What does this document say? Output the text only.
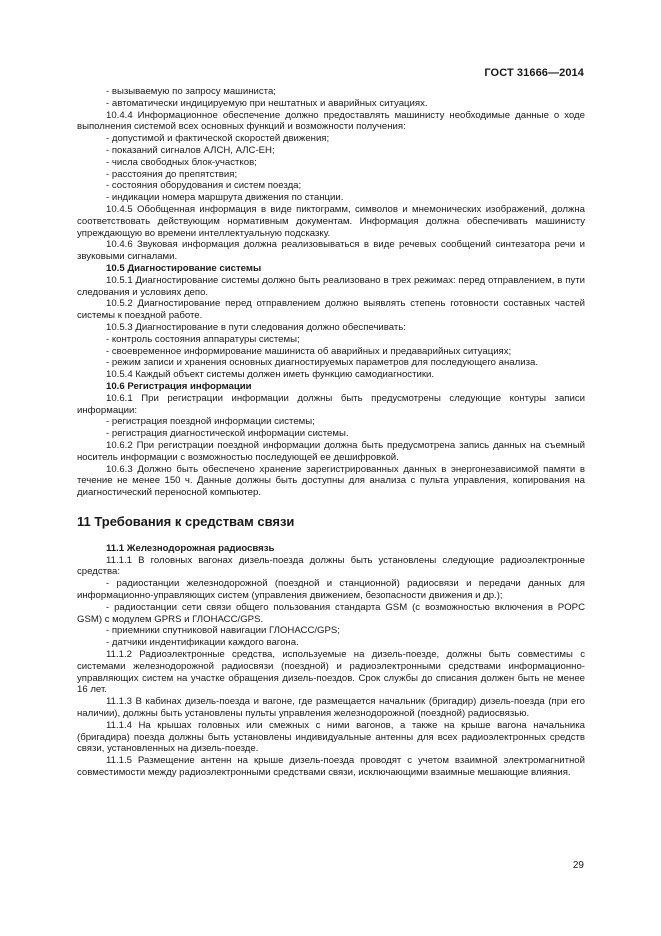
ГОСТ 31666—2014

- вызываемую по запросу машиниста;

- автоматически индицируемую при нештатных и аварийных ситуациях.

10.4.4 Информационное обеспечение должно предоставлять машинисту необходимые данные о ходе выполнения системой всех основных функций и возможности получения:

- допустимой и фактической скоростей движения;

- показаний сигналов АЛСН, АЛС-ЕН;

- числа свободных блок-участков;

- расстояния до препятствия;

- состояния оборудования и систем поезда;

- индикации номера маршрута движения по станции.

10.4.5 Обобщенная информация в виде пиктограмм, символов и мнемонических изображений, должна соответствовать действующим нормативным документам. Информация должна обеспечивать машинисту упреждающую во времени интеллектуальную подсказку.

10.4.6 Звуковая информация должна реализовываться в виде речевых сообщений синтезатора речи и звуковыми сигналами.

10.5 Диагностирование системы

10.5.1 Диагностирование системы должно быть реализовано в трех режимах: перед отправлением, в пути следования и условиях депо.

10.5.2 Диагностирование перед отправлением должно выявлять степень готовности составных частей системы к поездной работе.

10.5.3 Диагностирование в пути следования должно обеспечивать:

- контроль состояния аппаратуры системы;

- своевременное информирование машиниста об аварийных и предаварийных ситуациях;

- режим записи и хранения основных диагностируемых параметров для последующего анализа.

10.5.4 Каждый объект системы должен иметь функцию самодиагностики.

10.6 Регистрация информации

10.6.1 При регистрации информации должны быть предусмотрены следующие контуры записи информации:

- регистрация поездной информации системы;

- регистрация диагностической информации системы.

10.6.2 При регистрации поездной информации должна быть предусмотрена запись данных на съемный носитель информации с возможностью последующей ее дешифровкой.

10.6.3 Должно быть обеспечено хранение зарегистрированных данных в энергонезависимой памяти в течение не менее 150 ч. Данные должны быть доступны для анализа с пульта управления, копирования на диагностический переносной компьютер.

11 Требования к средствам связи

11.1 Железнодорожная радиосвязь

11.1.1 В головных вагонах дизель-поезда должны быть установлены следующие радиоэлектронные средства:

- радиостанции железнодорожной (поездной и станционной) радиосвязи и передачи данных для информационно-управляющих систем (управления движением, безопасности движения и др.);

- радиостанции сети связи общего пользования стандарта GSM (с возможностью включения в POPC GSM) с модулем GPRS и ГЛОНАСС/GPS.

- приемники спутниковой навигации ГЛОНАСС/GPS;

- датчики индентификации каждого вагона.

11.1.2 Радиоэлектронные средства, используемые на дизель-поезде, должны быть совместимы с системами железнодорожной радиосвязи (поездной) и радиоэлектронными средствами информационно-управляющих систем на участке обращения дизель-поездов. Срок службы до списания должен быть не менее 16 лет.

11.1.3 В кабинах дизель-поезда и вагоне, где размещается начальник (бригадир) дизель-поезда (при его наличии), должны быть установлены пульты управления железнодорожной (поездной) радиосвязью.

11.1.4 На крышах головных или смежных с ними вагонов, а также на крыше вагона начальника (бригадира) поезда должны быть установлены индивидуальные антенны для всех радиоэлектронных средств связи, установленных на дизель-поезде.

11.1.5 Размещение антенн на крыше дизель-поезда проводят с учетом взаимной электромагнитной совместимости между радиоэлектронными средствами связи, исключающими взаимные мешающие влияния.

29
